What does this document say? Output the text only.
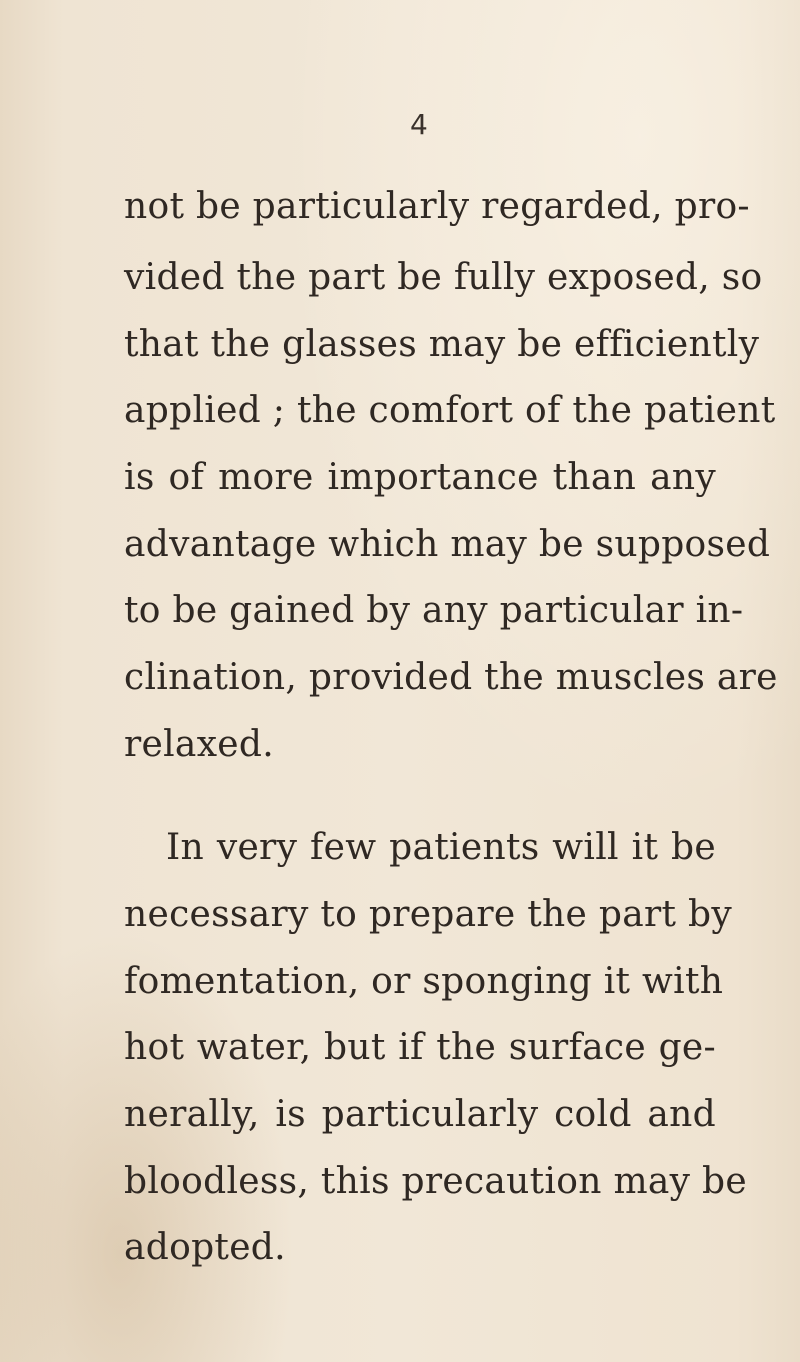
4
not be particularly regarded, pro-
vided the part be fully exposed, so
that the glasses may be efficiently
applied ; the comfort of the patient
is of more importance than any
advantage which may be supposed
to be gained by any particular in-
clination, provided the muscles are
relaxed.
In very few patients will it be
necessary to prepare the part by
fomentation, or sponging it with
hot water, but if the surface ge-
nerally, is particularly cold and
bloodless, this precaution may be
adopted.
